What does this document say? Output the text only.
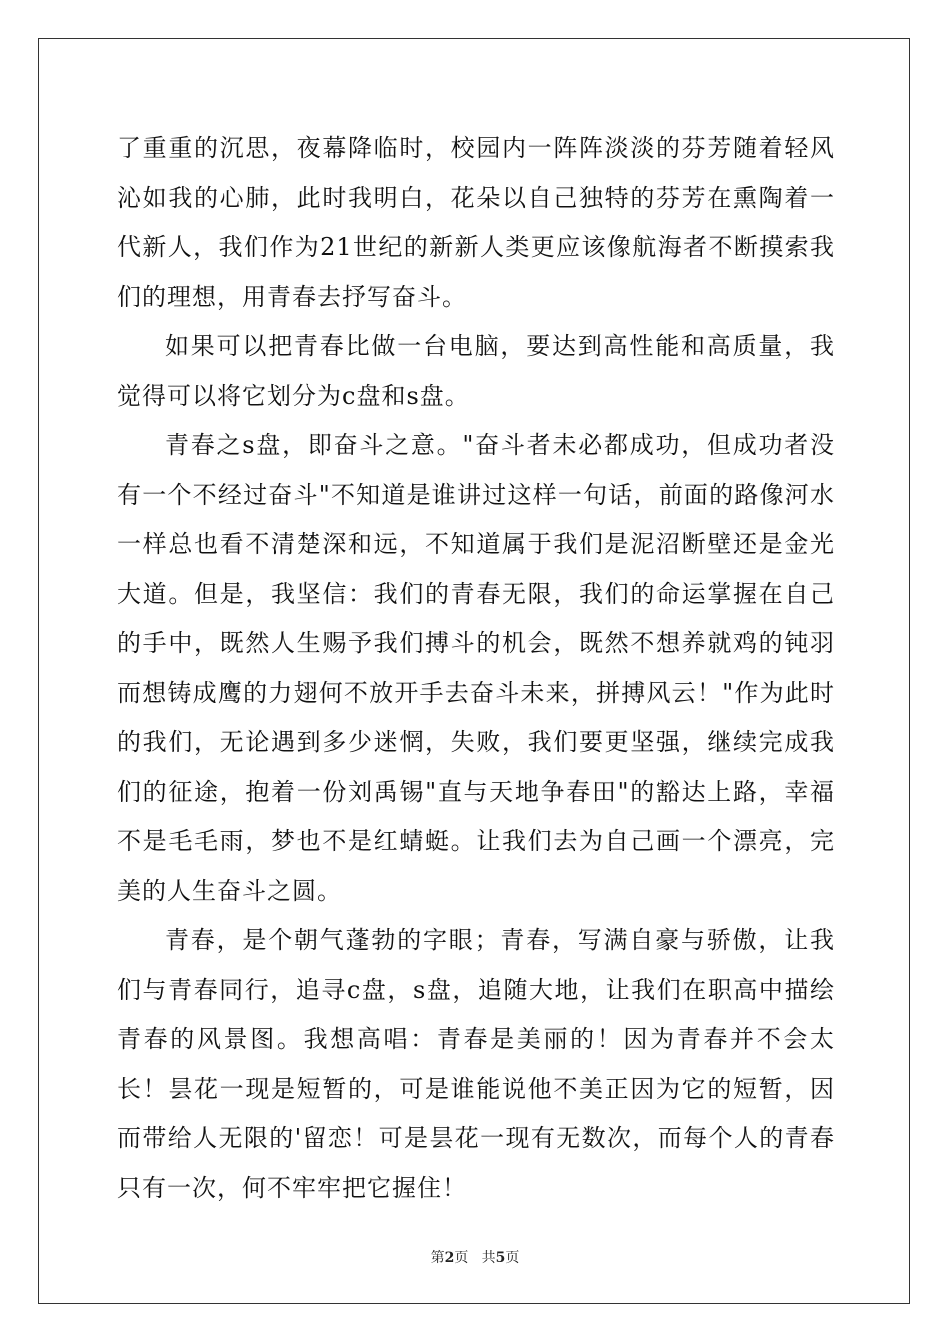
了重重的沉思，夜幕降临时，校园内一阵阵淡淡的芬芳随着轻风沁如我的心肺，此时我明白，花朵以自己独特的芬芳在熏陶着一代新人，我们作为21世纪的新新人类更应该像航海者不断摸索我们的理想，用青春去抒写奋斗。

如果可以把青春比做一台电脑，要达到高性能和高质量，我觉得可以将它划分为c盘和s盘。

青春之s盘，即奋斗之意。"奋斗者未必都成功，但成功者没有一个不经过奋斗"不知道是谁讲过这样一句话，前面的路像河水一样总也看不清楚深和远，不知道属于我们是泥沼断壁还是金光大道。但是，我坚信：我们的青春无限，我们的命运掌握在自己的手中，既然人生赐予我们搏斗的机会，既然不想养就鸡的钝羽而想铸成鹰的力翅何不放开手去奋斗未来，拼搏风云！"作为此时的我们，无论遇到多少迷惘，失败，我们要更坚强，继续完成我们的征途，抱着一份刘禹锡"直与天地争春田"的豁达上路，幸福不是毛毛雨，梦也不是红蜻蜓。让我们去为自己画一个漂亮，完美的人生奋斗之圆。

青春，是个朝气蓬勃的字眼；青春，写满自豪与骄傲，让我们与青春同行，追寻c盘，s盘，追随大地，让我们在职高中描绘青春的风景图。我想高唱：青春是美丽的！因为青春并不会太长！昙花一现是短暂的，可是谁能说他不美正因为它的短暂，因而带给人无限的'留恋！可是昙花一现有无数次，而每个人的青春只有一次，何不牢牢把它握住！

第2页 共5页
